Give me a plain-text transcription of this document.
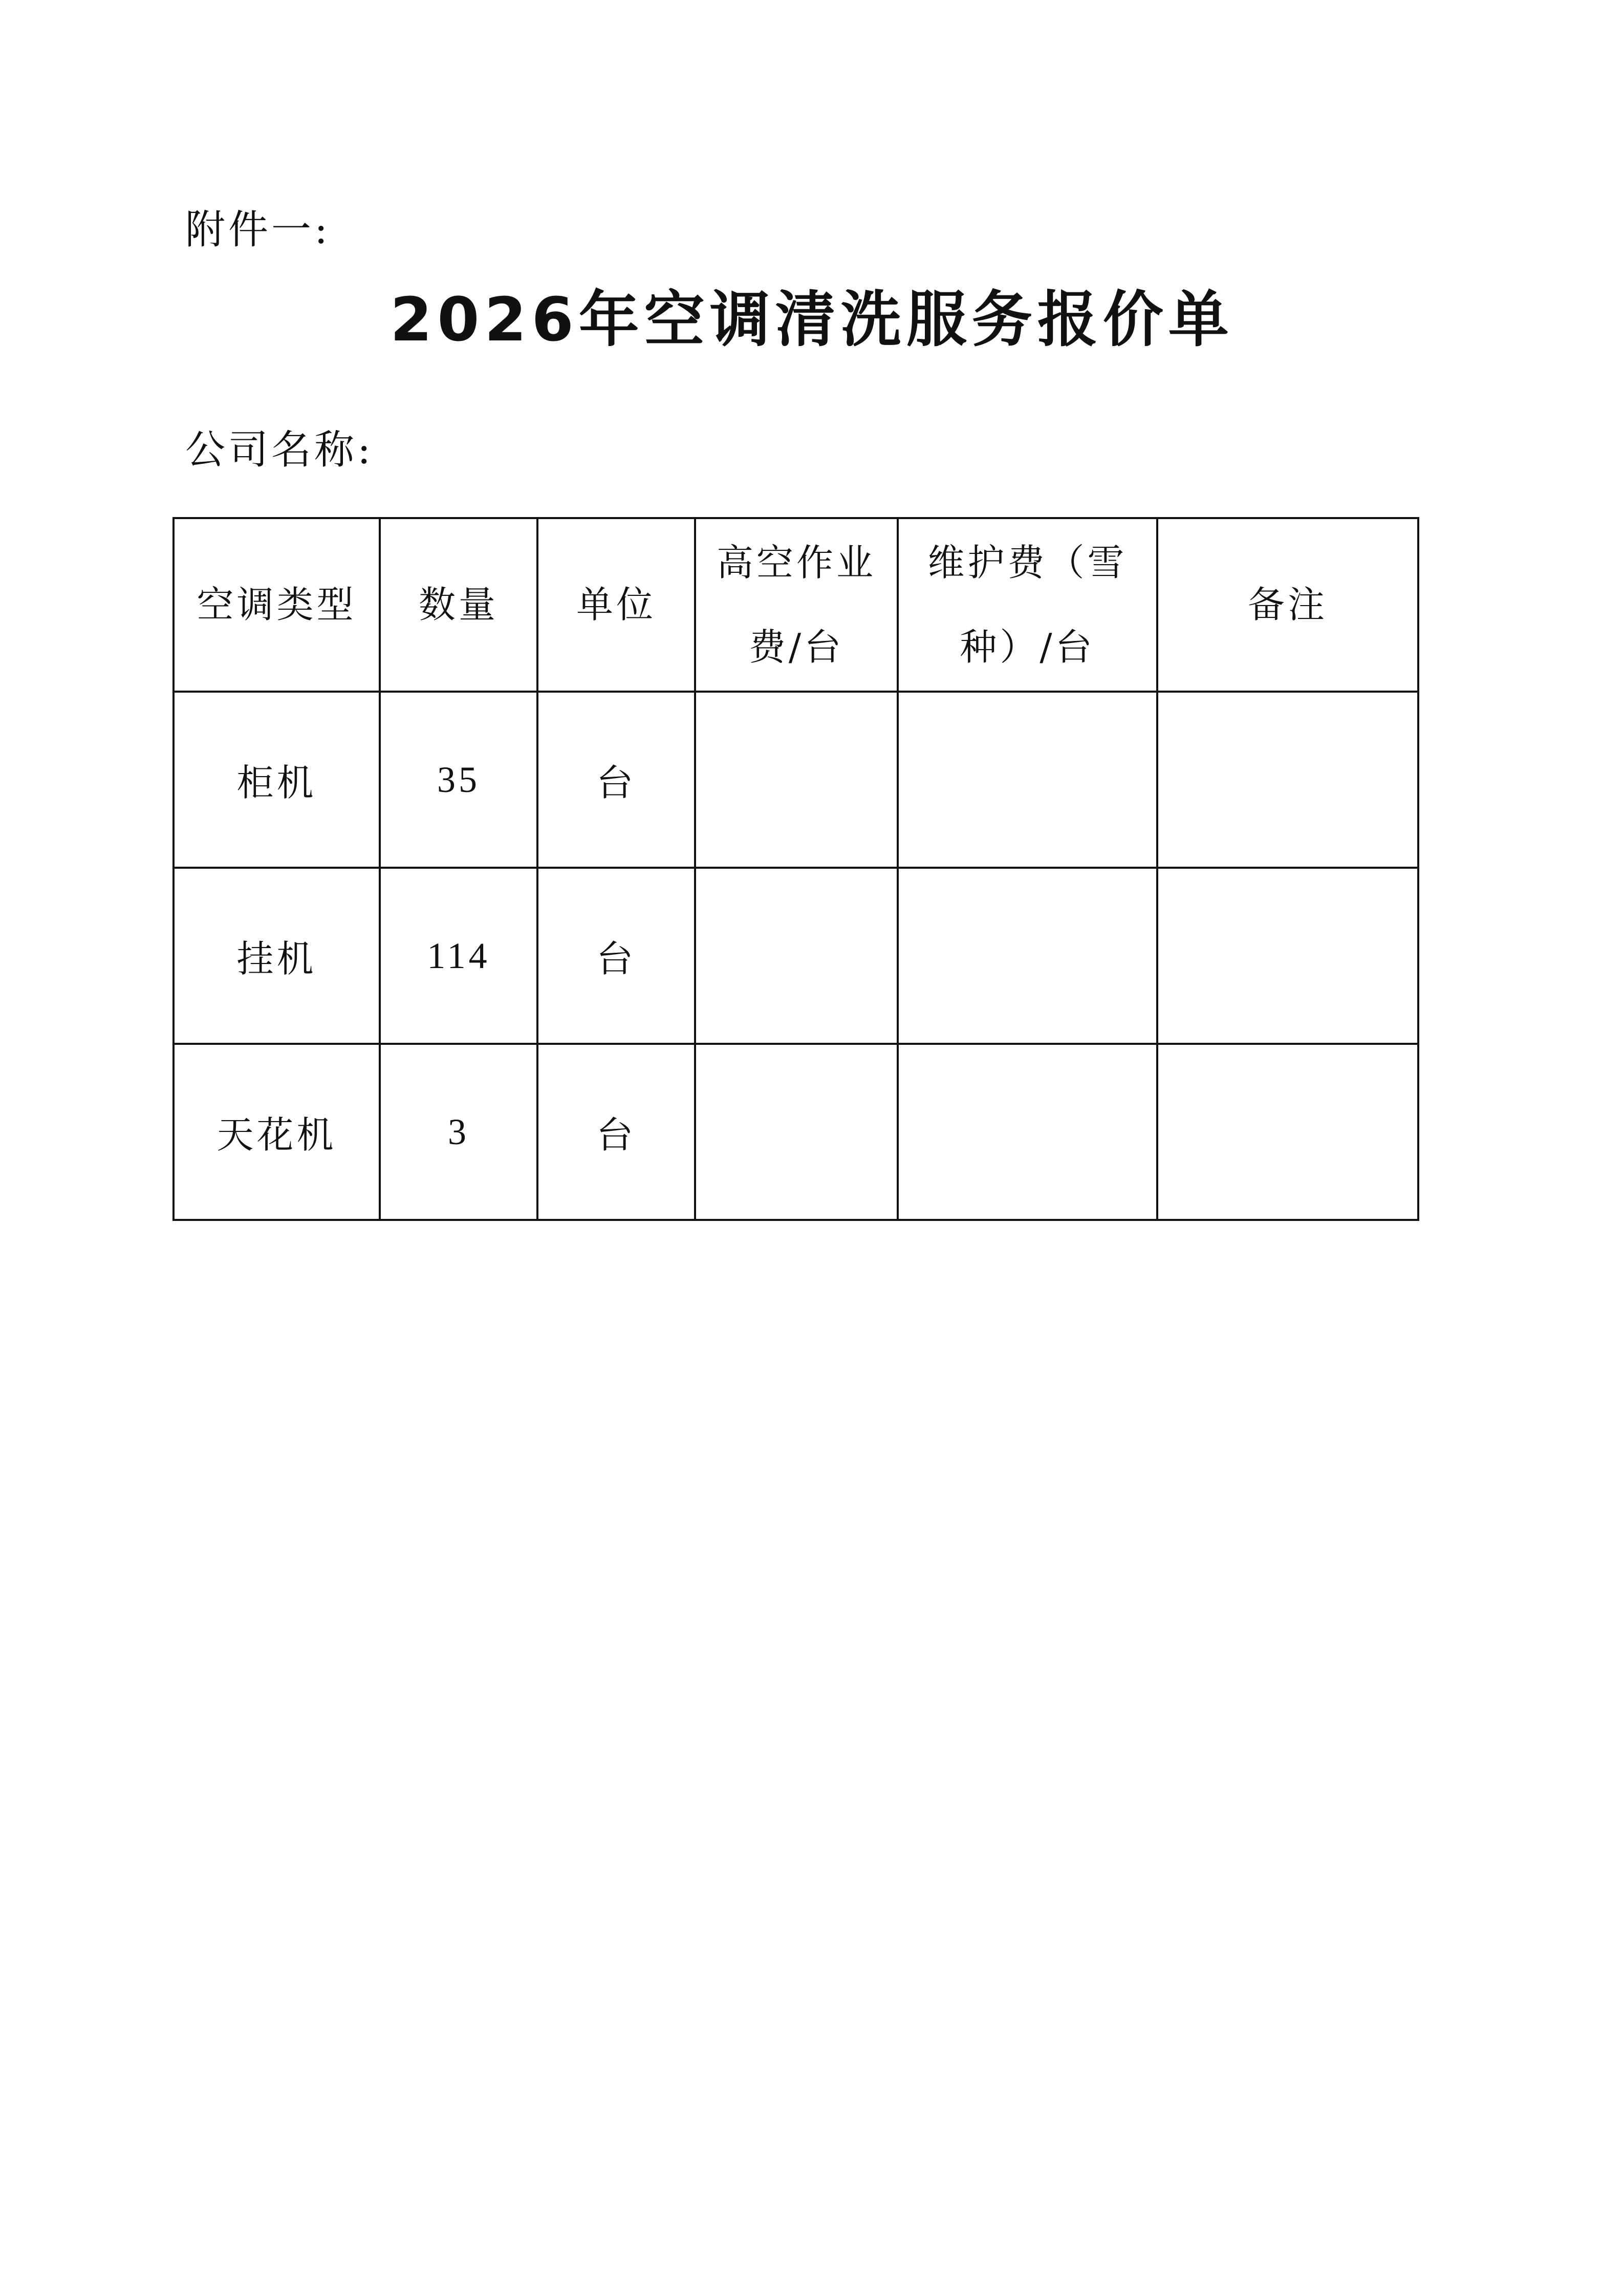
附件一:
2026年空调清洗服务报价单
公司名称:
空调类型	数量	单位	高空作业费/台	维护费（雪种）/台	备注
柜机	35	台			
挂机	114	台			
天花机	3	台			
